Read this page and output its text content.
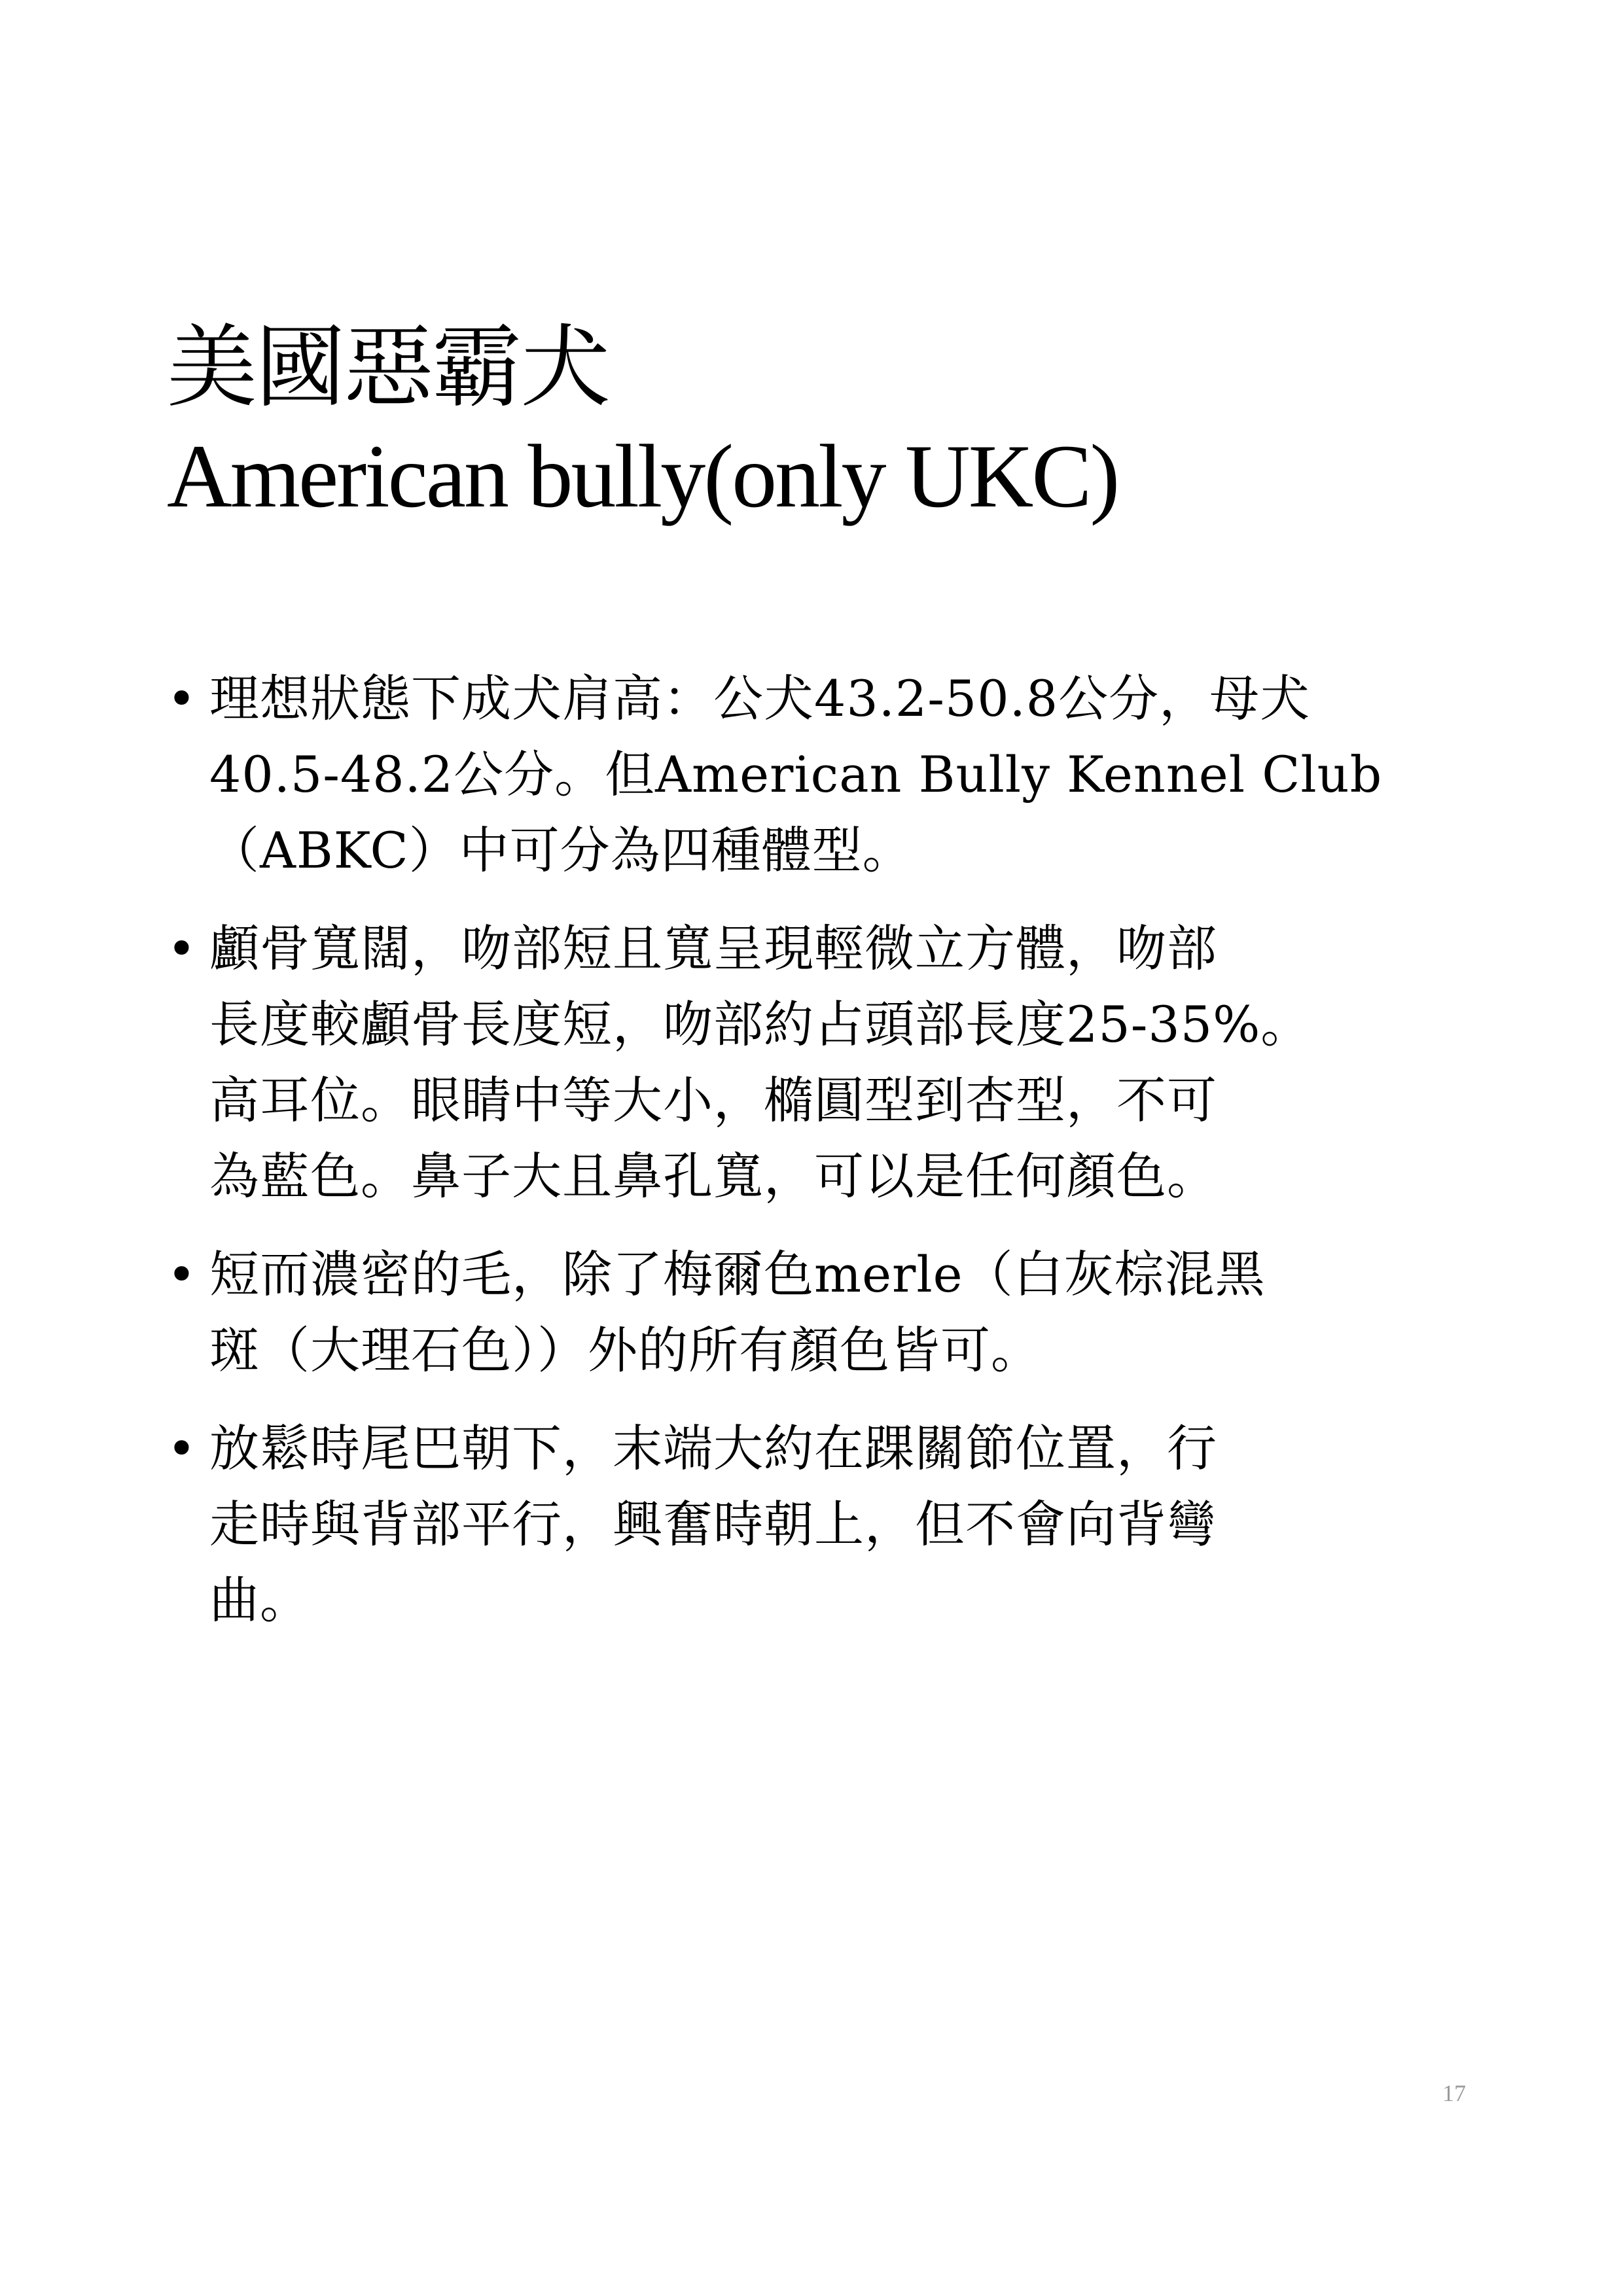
美國惡霸犬
American bully(only UKC)
• 理想狀態下成犬肩高：公犬43.2-50.8公分，母犬
40.5-48.2公分。但American Bully Kennel Club
（ABKC）中可分為四種體型。
• 顱骨寬闊，吻部短且寬呈現輕微立方體，吻部
長度較顱骨長度短，吻部約占頭部長度25-35%。
高耳位。眼睛中等大小，橢圓型到杏型，不可
為藍色。鼻子大且鼻孔寬，可以是任何顏色。
• 短而濃密的毛，除了梅爾色merle（白灰棕混黑
斑（大理石色））外的所有顏色皆可。
• 放鬆時尾巴朝下，末端大約在踝關節位置，行
走時與背部平行，興奮時朝上，但不會向背彎
曲。
17
